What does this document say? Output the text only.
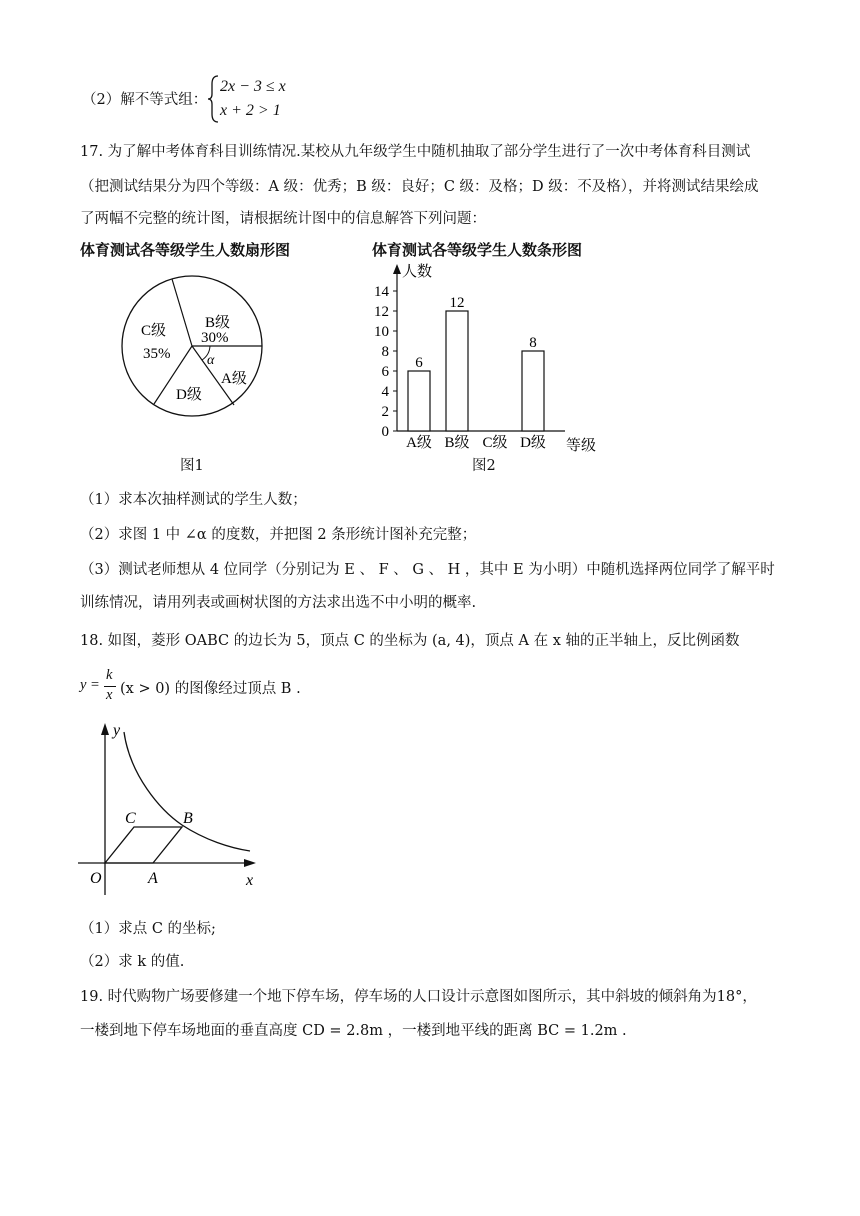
（2）解不等式组：
2x − 3 ≤ x
x + 2 > 1
17. 为了解中考体育科目训练情况.某校从九年级学生中随机抽取了部分学生进行了一次中考体育科目测试
（把测试结果分为四个等级：A 级：优秀；B 级：良好；C 级：及格；D 级：不及格），并将测试结果绘成
了两幅不完整的统计图，请根据统计图中的信息解答下列问题：
体育测试各等级学生人数扇形图	体育测试各等级学生人数条形图
B级
30%
C级
35%
A级
D级
α
图1
人数
等级
0
2
4
6
8
10
12
14
6
A级
12
B级 C级
8
D级
图2
（1）求本次抽样测试的学生人数；
（2）求图 1 中 ∠α 的度数，并把图 2 条形统计图补充完整；
（3）测试老师想从 4 位同学（分别记为 E 、 F 、 G 、 H ，其中 E 为小明）中随机选择两位同学了解平时
训练情况，请用列表或画树状图的方法求出选不中小明的概率.
18. 如图，菱形 OABC 的边长为 5，顶点 C 的坐标为 (a, 4)，顶点 A 在 x 轴的正半轴上，反比例函数
y =
k
x (x > 0) 的图像经过顶点 B .
y
x
O	A
B
C
（1）求点 C 的坐标;
（2）求 k 的值.
19. 时代购物广场要修建一个地下停车场，停车场的人口设计示意图如图所示，其中斜坡的倾斜角为18°，
一楼到地下停车场地面的垂直高度 CD = 2.8m ，一楼到地平线的距离 BC = 1.2m .
